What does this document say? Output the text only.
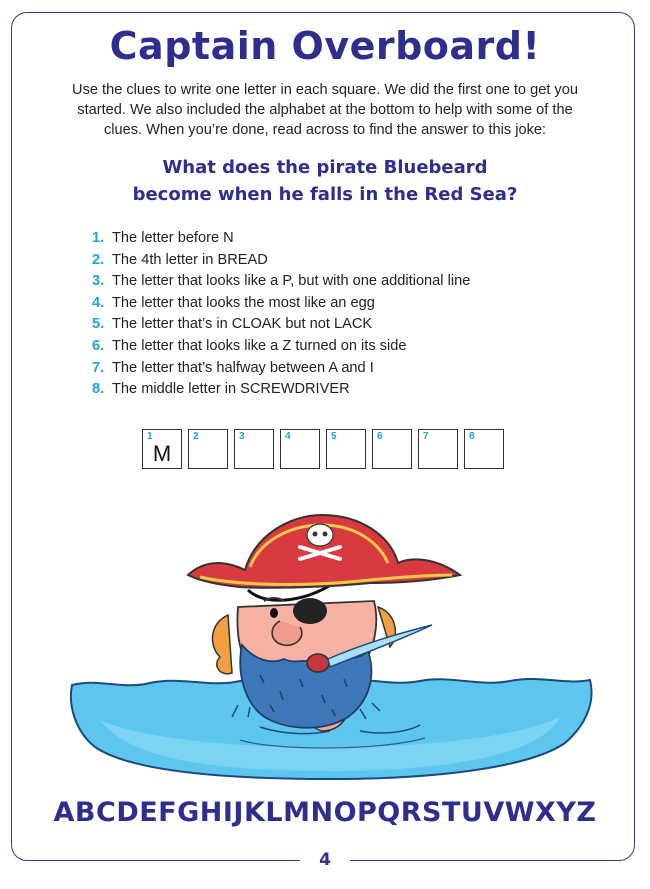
Captain Overboard!

Use the clues to write one letter in each square. We did the first one to get you started. We also included the alphabet at the bottom to help with some of the clues. When you’re done, read across to find the answer to this joke:

What does the pirate Bluebeard
become when he falls in the Red Sea?
1. The letter before N
2. The 4th letter in BREAD
3. The letter that looks like a P, but with one additional line
4. The letter that looks the most like an egg
5. The letter that’s in CLOAK but not LACK
6. The letter that looks like a Z turned on its side
7. The letter that’s halfway between A and I
8. The middle letter in SCREWDRIVER
1
M
2	3	4	5	6	7	8
ABCDEFGHIJKLMNOPQRSTUVWXYZ
4
